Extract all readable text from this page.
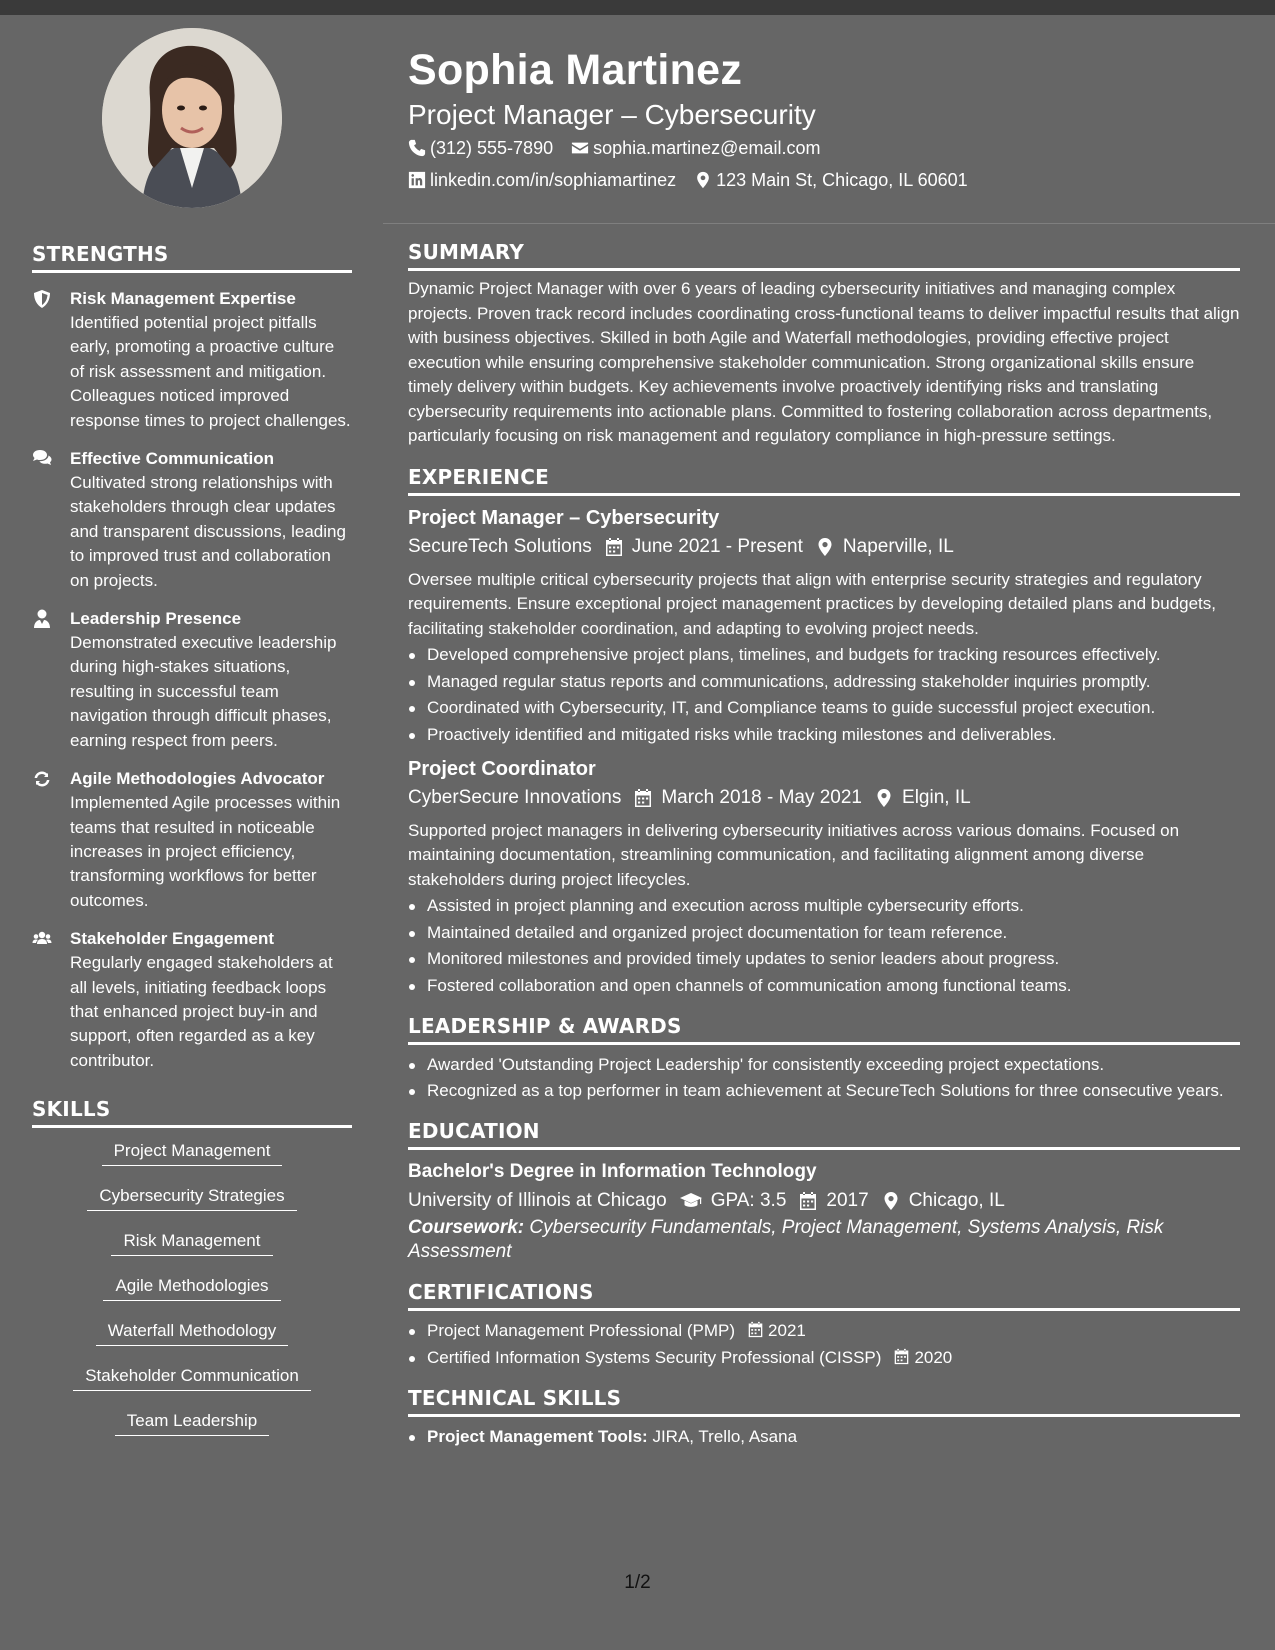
STRENGTHS
Risk Management Expertise
Identified potential project pitfalls early, promoting a proactive culture of risk assessment and mitigation. Colleagues noticed improved response times to project challenges.
Effective Communication
Cultivated strong relationships with stakeholders through clear updates and transparent discussions, leading to improved trust and collaboration on projects.
Leadership Presence
Demonstrated executive leadership during high-stakes situations, resulting in successful team navigation through difficult phases, earning respect from peers.
Agile Methodologies Advocator
Implemented Agile processes within teams that resulted in noticeable increases in project efficiency, transforming workflows for better outcomes.
Stakeholder Engagement
Regularly engaged stakeholders at all levels, initiating feedback loops that enhanced project buy-in and support, often regarded as a key contributor.
SKILLS
Project Management
Cybersecurity Strategies
Risk Management
Agile Methodologies
Waterfall Methodology
Stakeholder Communication
Team Leadership
Sophia Martinez
Project Manager – Cybersecurity
(312) 555-7890 sophia.martinez@email.com
linkedin.com/in/sophiamartinez 123 Main St, Chicago, IL 60601
SUMMARY

Dynamic Project Manager with over 6 years of leading cybersecurity initiatives and managing complex projects. Proven track record includes coordinating cross-functional teams to deliver impactful results that align with business objectives. Skilled in both Agile and Waterfall methodologies, providing effective project execution while ensuring comprehensive stakeholder communication. Strong organizational skills ensure timely delivery within budgets. Key achievements involve proactively identifying risks and translating cybersecurity requirements into actionable plans. Committed to fostering collaboration across departments, particularly focusing on risk management and regulatory compliance in high-pressure settings.

EXPERIENCE
Project Manager – Cybersecurity
SecureTech Solutions June 2021 - Present Naperville, IL

Oversee multiple critical cybersecurity projects that align with enterprise security strategies and regulatory requirements. Ensure exceptional project management practices by developing detailed plans and budgets, facilitating stakeholder coordination, and adapting to evolving project needs.

Developed comprehensive project plans, timelines, and budgets for tracking resources effectively.
Managed regular status reports and communications, addressing stakeholder inquiries promptly.
Coordinated with Cybersecurity, IT, and Compliance teams to guide successful project execution.
Proactively identified and mitigated risks while tracking milestones and deliverables.
Project Coordinator
CyberSecure Innovations March 2018 - May 2021 Elgin, IL

Supported project managers in delivering cybersecurity initiatives across various domains. Focused on maintaining documentation, streamlining communication, and facilitating alignment among diverse stakeholders during project lifecycles.

Assisted in project planning and execution across multiple cybersecurity efforts.
Maintained detailed and organized project documentation for team reference.
Monitored milestones and provided timely updates to senior leaders about progress.
Fostered collaboration and open channels of communication among functional teams.
LEADERSHIP & AWARDS
Awarded 'Outstanding Project Leadership' for consistently exceeding project expectations.
Recognized as a top performer in team achievement at SecureTech Solutions for three consecutive years.
EDUCATION
Bachelor's Degree in Information Technology
University of Illinois at Chicago GPA: 3.5 2017 Chicago, IL
Coursework: Cybersecurity Fundamentals, Project Management, Systems Analysis, Risk Assessment
CERTIFICATIONS
Project Management Professional (PMP) 2021
Certified Information Systems Security Professional (CISSP) 2020
TECHNICAL SKILLS
Project Management Tools: JIRA, Trello, Asana
1/2
